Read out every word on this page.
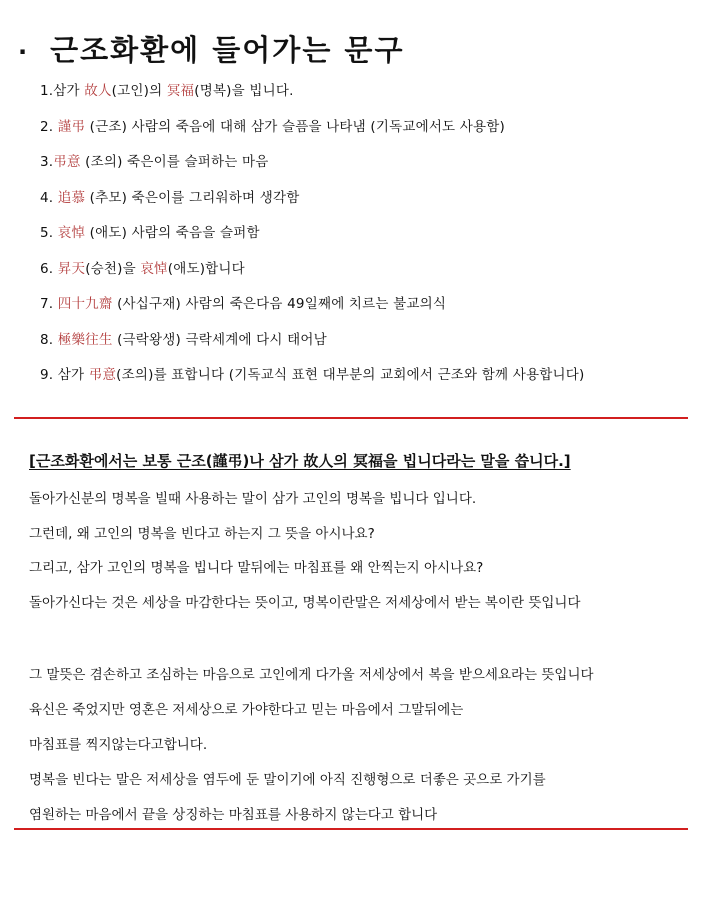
· 근조화환에 들어가는 문구
1.삼가 故人(고인)의 冥福(명복)을 빕니다.
2. 謹弔 (근조) 사람의 죽음에 대해 삼가 슬픔을 나타냄 (기독교에서도 사용함)
3.弔意 (조의) 죽은이를 슬퍼하는 마음
4. 追慕 (추모) 죽은이를 그리워하며 생각함
5. 哀悼 (애도) 사람의 죽음을 슬퍼함
6. 昇天(승천)을 哀悼(애도)합니다
7. 四十九齋 (사십구재) 사람의 죽은다음 49일째에 치르는 불교의식
8. 極樂往生 (극락왕생) 극락세계에 다시 태어남
9. 삼가 弔意(조의)를 표합니다 (기독교식 표현 대부분의 교회에서 근조와 함께 사용합니다)
[근조화환에서는 보통 근조(謹弔)나 삼가 故人의 冥福을 빕니다라는 말을 씁니다.]
돌아가신분의 명복을 빌때 사용하는 말이 삼가 고인의 명복을 빕니다 입니다.
그런데, 왜 고인의 명복을 빈다고 하는지 그 뜻을 아시나요?
그리고, 삼가 고인의 명복을 빕니다 말뒤에는 마침표를 왜 안찍는지 아시나요?
돌아가신다는 것은 세상을 마감한다는 뜻이고, 명복이란말은 저세상에서 받는 복이란 뜻입니다
그 말뜻은 겸손하고 조심하는 마음으로 고인에게 다가올 저세상에서 복을 받으세요라는 뜻입니다
육신은 죽었지만 영혼은 저세상으로 가야한다고 믿는 마음에서 그말뒤에는
마침표를 찍지않는다고합니다.
명복을 빈다는 말은 저세상을 염두에 둔 말이기에 아직 진행형으로 더좋은 곳으로 가기를
염원하는 마음에서 끝을 상징하는 마침표를 사용하지 않는다고 합니다
